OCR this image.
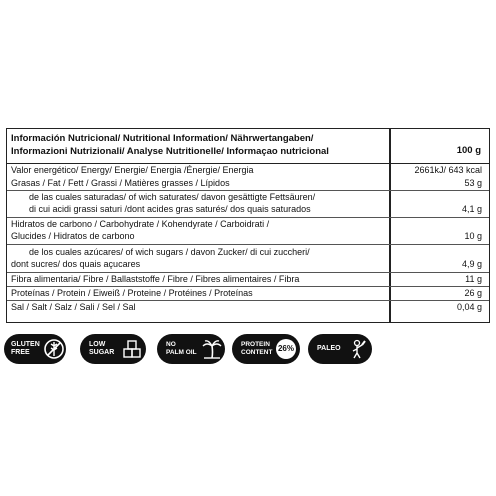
Información Nutricional/ Nutritional Information/ Nährwertangaben/
Informazioni Nutrizionali/ Analyse Nutritionelle/ Informaçao nutricional	100 g
Valor energético/ Energy/ Energie/ Energia /Énergie/ Energia	2661kJ/ 643 kcal
Grasas / Fat / Fett / Grassi / Matières grasses / Lípidos	53 g
de las cuales saturadas/ of wich saturates/ davon gesättigte Fettsäuren/
di cui acidi grassi saturi /dont acides gras saturés/ dos quais saturados	4,1 g
Hidratos de carbono / Carbohydrate / Kohendyrate / Carboidrati /
Glucides / Hidratos de carbono	10 g
de los cuales azúcares/ of wich sugars / davon Zucker/ di cui zuccheri/
dont sucres/ dos quais açucares	4,9 g
Fibra alimentaria/ Fibre / Ballaststoffe / Fibre / Fibres alimentaires / Fibra	11 g
Proteínas / Protein / Eiweiß / Proteine / Protéines / Proteínas	26 g
Sal / Salt / Salz / Sali / Sel / Sal	0,04 g
GLUTEN
FREE
LOW
SUGAR
NO
PALM OIL
PROTEIN
CONTENT 26%	PALEO
